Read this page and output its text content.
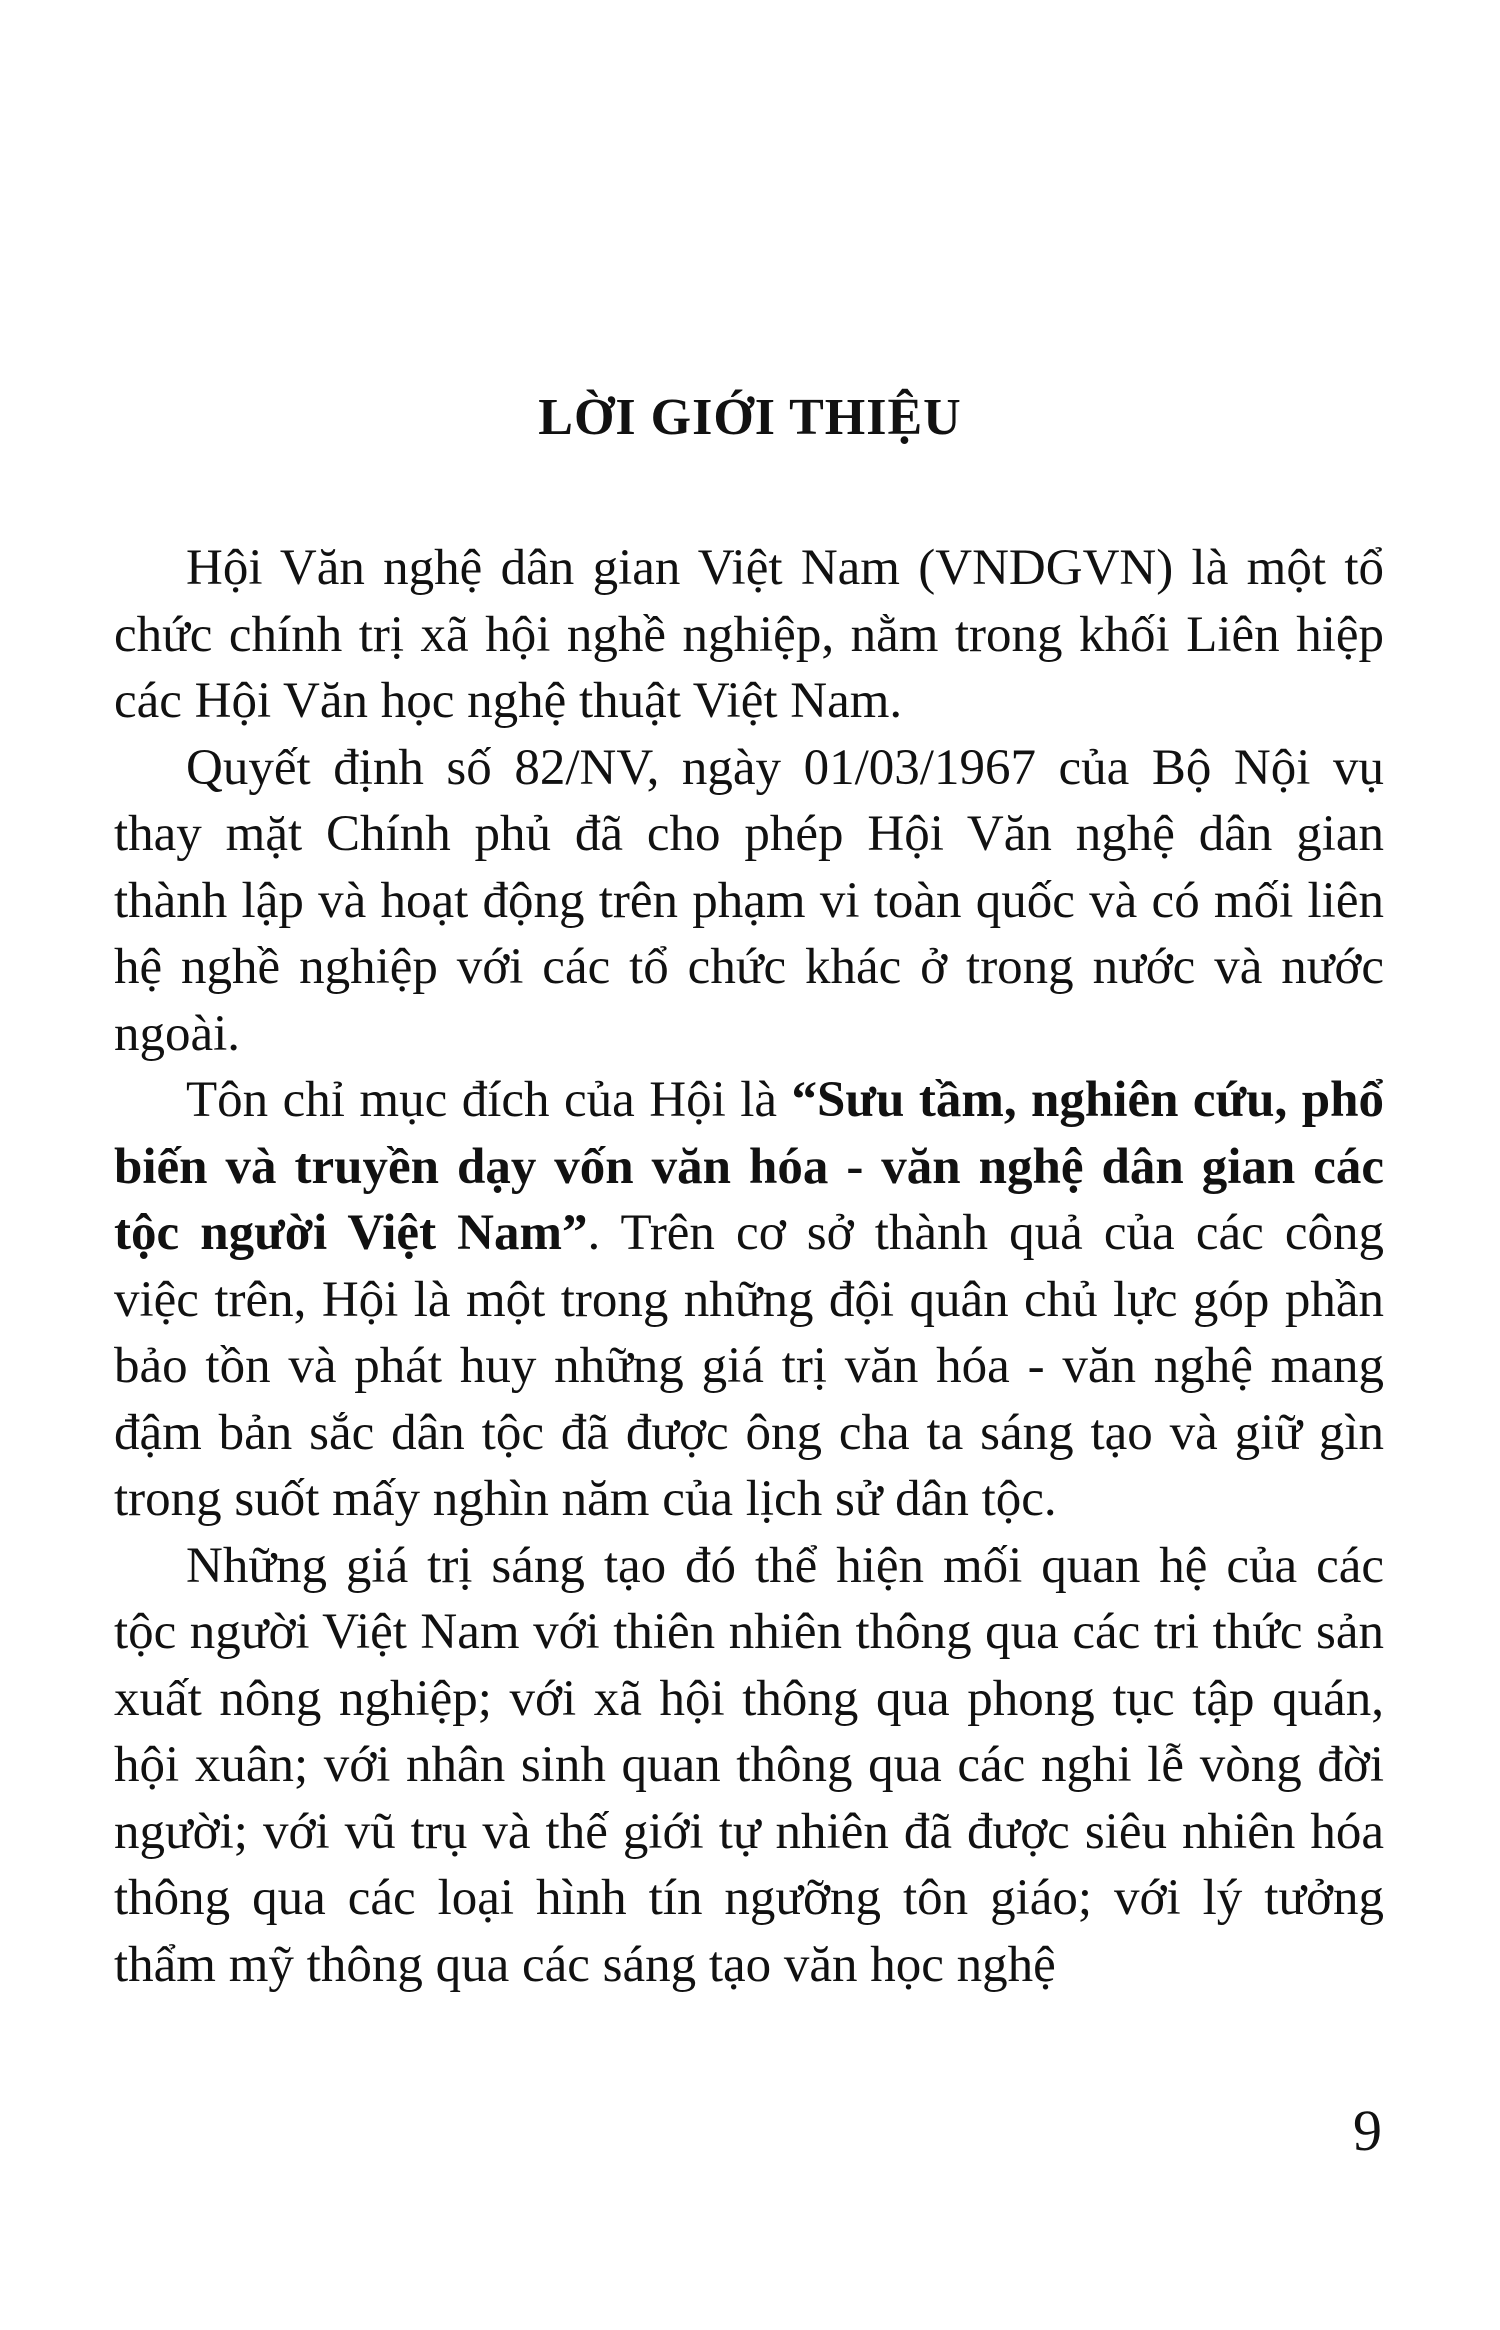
LỜI GIỚI THIỆU

Hội Văn nghệ dân gian Việt Nam (VNDGVN) là một tổ chức chính trị xã hội nghề nghiệp, nằm trong khối Liên hiệp các Hội Văn học nghệ thuật Việt Nam.

Quyết định số 82/NV, ngày 01/03/1967 của Bộ Nội vụ thay mặt Chính phủ đã cho phép Hội Văn nghệ dân gian thành lập và hoạt động trên phạm vi toàn quốc và có mối liên hệ nghề nghiệp với các tổ chức khác ở trong nước và nước ngoài.

Tôn chỉ mục đích của Hội là “Sưu tầm, nghiên cứu, phổ biến và truyền dạy vốn văn hóa - văn nghệ dân gian các tộc người Việt Nam”. Trên cơ sở thành quả của các công việc trên, Hội là một trong những đội quân chủ lực góp phần bảo tồn và phát huy những giá trị văn hóa - văn nghệ mang đậm bản sắc dân tộc đã được ông cha ta sáng tạo và giữ gìn trong suốt mấy nghìn năm của lịch sử dân tộc.

Những giá trị sáng tạo đó thể hiện mối quan hệ của các tộc người Việt Nam với thiên nhiên thông qua các tri thức sản xuất nông nghiệp; với xã hội thông qua phong tục tập quán, hội xuân; với nhân sinh quan thông qua các nghi lễ vòng đời người; với vũ trụ và thế giới tự nhiên đã được siêu nhiên hóa thông qua các loại hình tín ngưỡng tôn giáo; với lý tưởng thẩm mỹ thông qua các sáng tạo văn học nghệ

9
